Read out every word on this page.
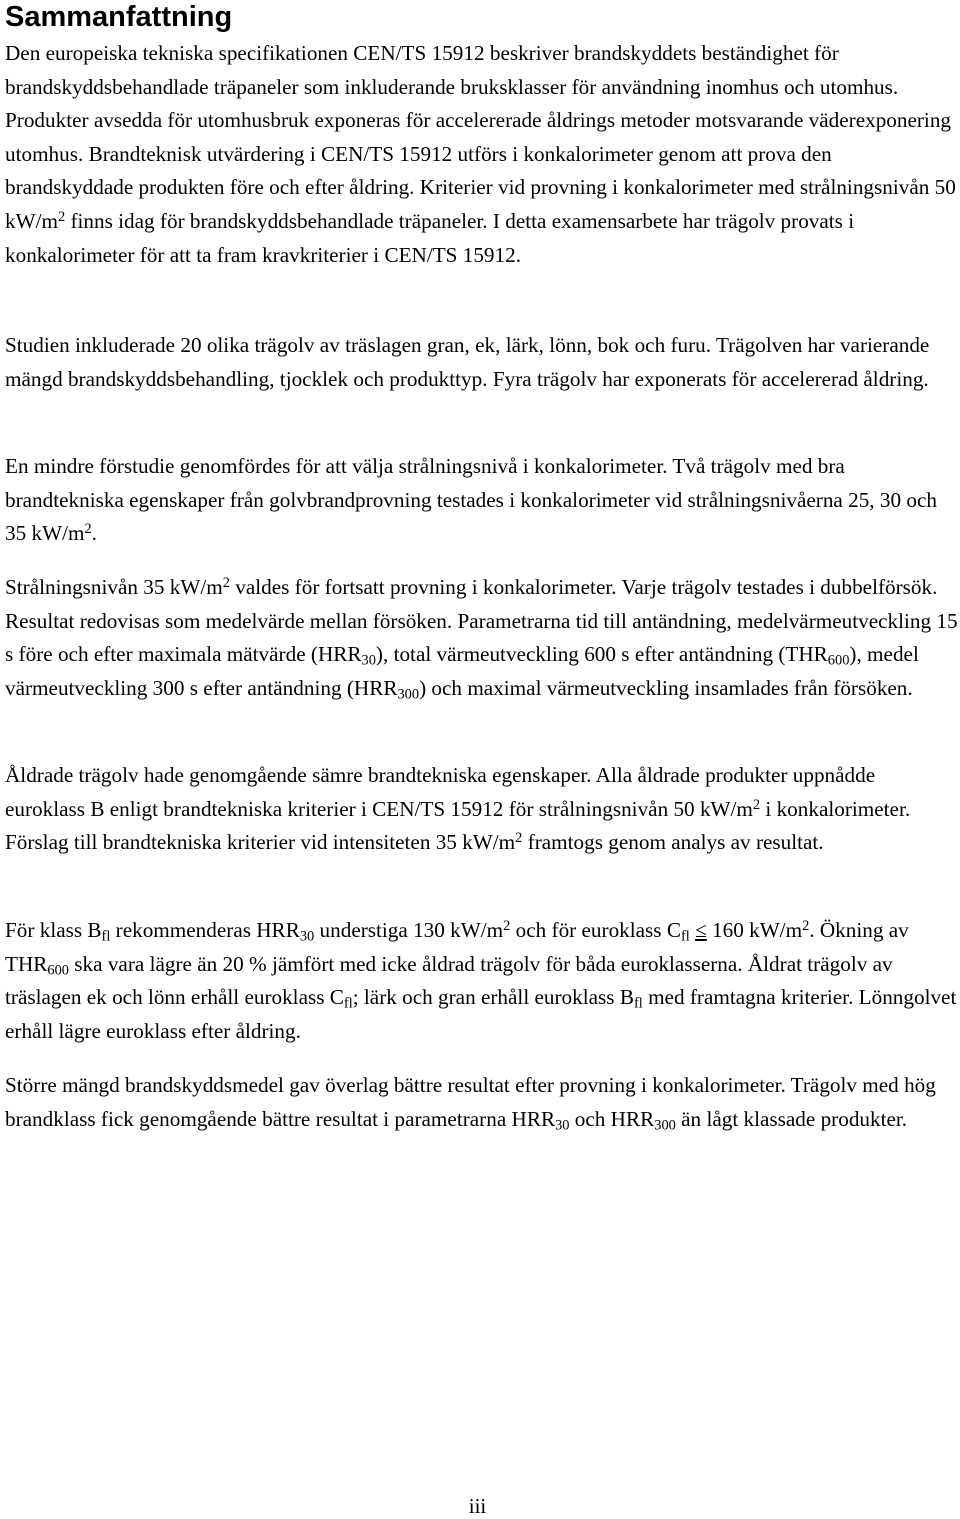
Sammanfattning

Den europeiska tekniska specifikationen CEN/TS 15912 beskriver brandskyddets beständighet för brandskyddsbehandlade träpaneler som inkluderande bruksklasser för användning inomhus och utomhus. Produkter avsedda för utomhusbruk exponeras för accelererade åldrings metoder motsvarande väderexponering utomhus. Brandteknisk utvärdering i CEN/TS 15912 utförs i konkalorimeter genom att prova den brandskyddade produkten före och efter åldring. Kriterier vid provning i konkalorimeter med strålningsnivån 50 $kW/m^2$ finns idag för brandskyddsbehandlade träpaneler. I detta examensarbete har trägolv provats i konkalorimeter för att ta fram kravkriterier i CEN/TS 15912.

Studien inkluderade 20 olika trägolv av träslagen gran, ek, lärk, lönn, bok och furu. Trägolven har varierande mängd brandskyddsbehandling, tjocklek och produkttyp. Fyra trägolv har exponerats för accelererad åldring.

En mindre förstudie genomfördes för att välja strålningsnivå i konkalorimeter. Två trägolv med bra brandtekniska egenskaper från golvbrandprovning testades i konkalorimeter vid strålningsnivåerna 25, 30 och 35 $kW/m^2$.

Strålningsnivån 35 $kW/m^2$ valdes för fortsatt provning i konkalorimeter. Varje trägolv testades i dubbelförsök. Resultat redovisas som medelvärde mellan försöken. Parametrarna tid till antändning, medelvärmeutveckling 15 s före och efter maximala mätvärde $(HRR_{30})$, total värmeutveckling 600 s efter antändning $(THR_{600})$, medel värmeutveckling 300 s efter antändning $(HRR_{300})$ och maximal värmeutveckling insamlades från försöken.

Åldrade trägolv hade genomgående sämre brandtekniska egenskaper. Alla åldrade produkter uppnådde euroklass B enligt brandtekniska kriterier i CEN/TS 15912 för strålningsnivån 50 $kW/m^2$ i konkalorimeter. Förslag till brandtekniska kriterier vid intensiteten 35 $kW/m^2$ framtogs genom analys av resultat.

För klass $B_{fl}$ rekommenderas $HRR_{30}$ understiga 130 $kW/m^2$ och för euroklass $C_{fl} \le 160$ $kW/m^2$. Ökning av $THR_{600}$ ska vara lägre än 20 % jämfört med icke åldrad trägolv för båda euroklasserna. Åldrat trägolv av träslagen ek och lönn erhåll euroklass $C_{fl}$; lärk och gran erhåll euroklass $B_{fl}$ med framtagna kriterier. Lönngolvet erhåll lägre euroklass efter åldring.

Större mängd brandskyddsmedel gav överlag bättre resultat efter provning i konkalorimeter. Trägolv med hög brandklass fick genomgående bättre resultat i parametrarna $HRR_{30}$ och $HRR_{300}$ än lågt klassade produkter.

iii
